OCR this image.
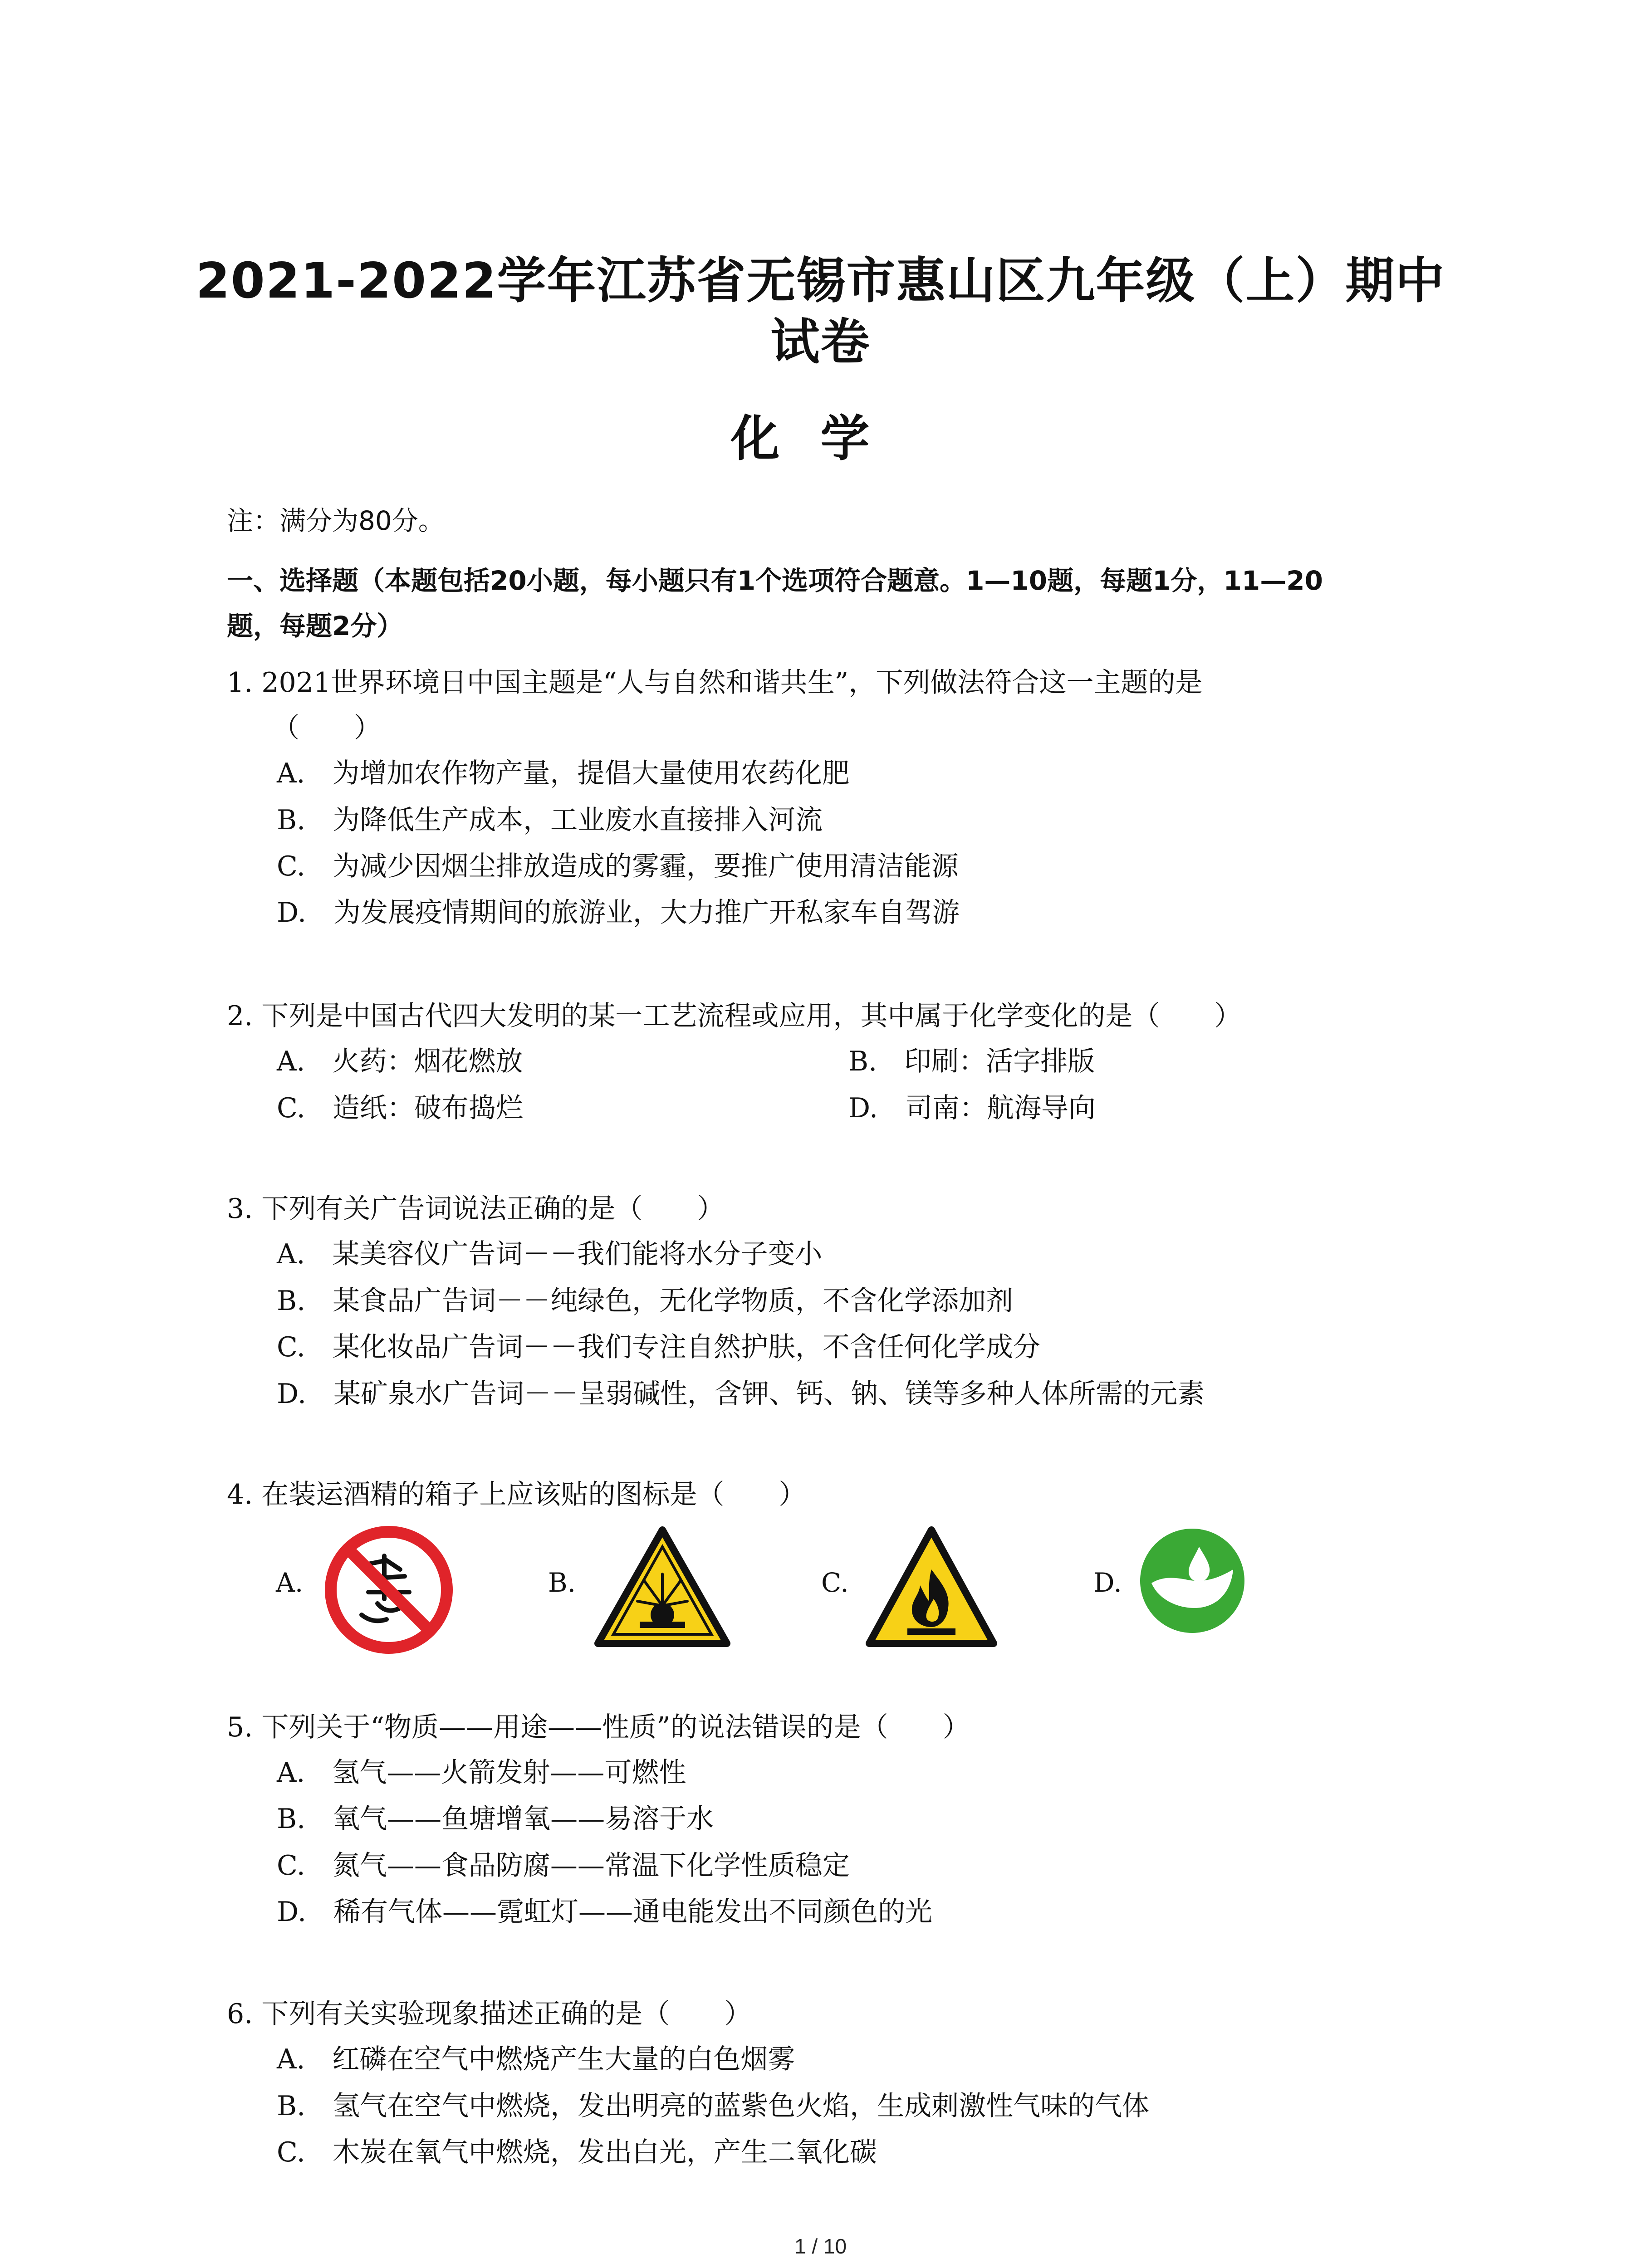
2021-2022学年江苏省无锡市惠山区九年级（上）期中
试卷
化学
注：满分为80分。
一、选择题（本题包括20小题，每小题只有1个选项符合题意。1—10题，每题1分，11—20
题，每题2分）
1. 2021世界环境日中国主题是“人与自然和谐共生”，下列做法符合这一主题的是
（　　）
A.　为增加农作物产量，提倡大量使用农药化肥
B.　为降低生产成本，工业废水直接排入河流
C.　为减少因烟尘排放造成的雾霾，要推广使用清洁能源
D.　为发展疫情期间的旅游业，大力推广开私家车自驾游
2. 下列是中国古代四大发明的某一工艺流程或应用，其中属于化学变化的是（　　）
A.　火药：烟花燃放	B.　印刷：活字排版
C.　造纸：破布捣烂	D.　司南：航海导向
3. 下列有关广告词说法正确的是（　　）
A.　某美容仪广告词－－我们能将水分子变小
B.　某食品广告词－－纯绿色，无化学物质，不含化学添加剂
C.　某化妆品广告词－－我们专注自然护肤，不含任何化学成分
D.　某矿泉水广告词－－呈弱碱性，含钾、钙、钠、镁等多种人体所需的元素
4. 在装运酒精的箱子上应该贴的图标是（　　）
A.	B.	C.	D.
5. 下列关于“物质——用途——性质”的说法错误的是（　　）
A.　氢气——火箭发射——可燃性
B.　氧气——鱼塘增氧——易溶于水
C.　氮气——食品防腐——常温下化学性质稳定
D.　稀有气体——霓虹灯——通电能发出不同颜色的光
6. 下列有关实验现象描述正确的是（　　）
A.　红磷在空气中燃烧产生大量的白色烟雾
B.　氢气在空气中燃烧，发出明亮的蓝紫色火焰，生成刺激性气味的气体
C.　木炭在氧气中燃烧，发出白光，产生二氧化碳
1 / 10
